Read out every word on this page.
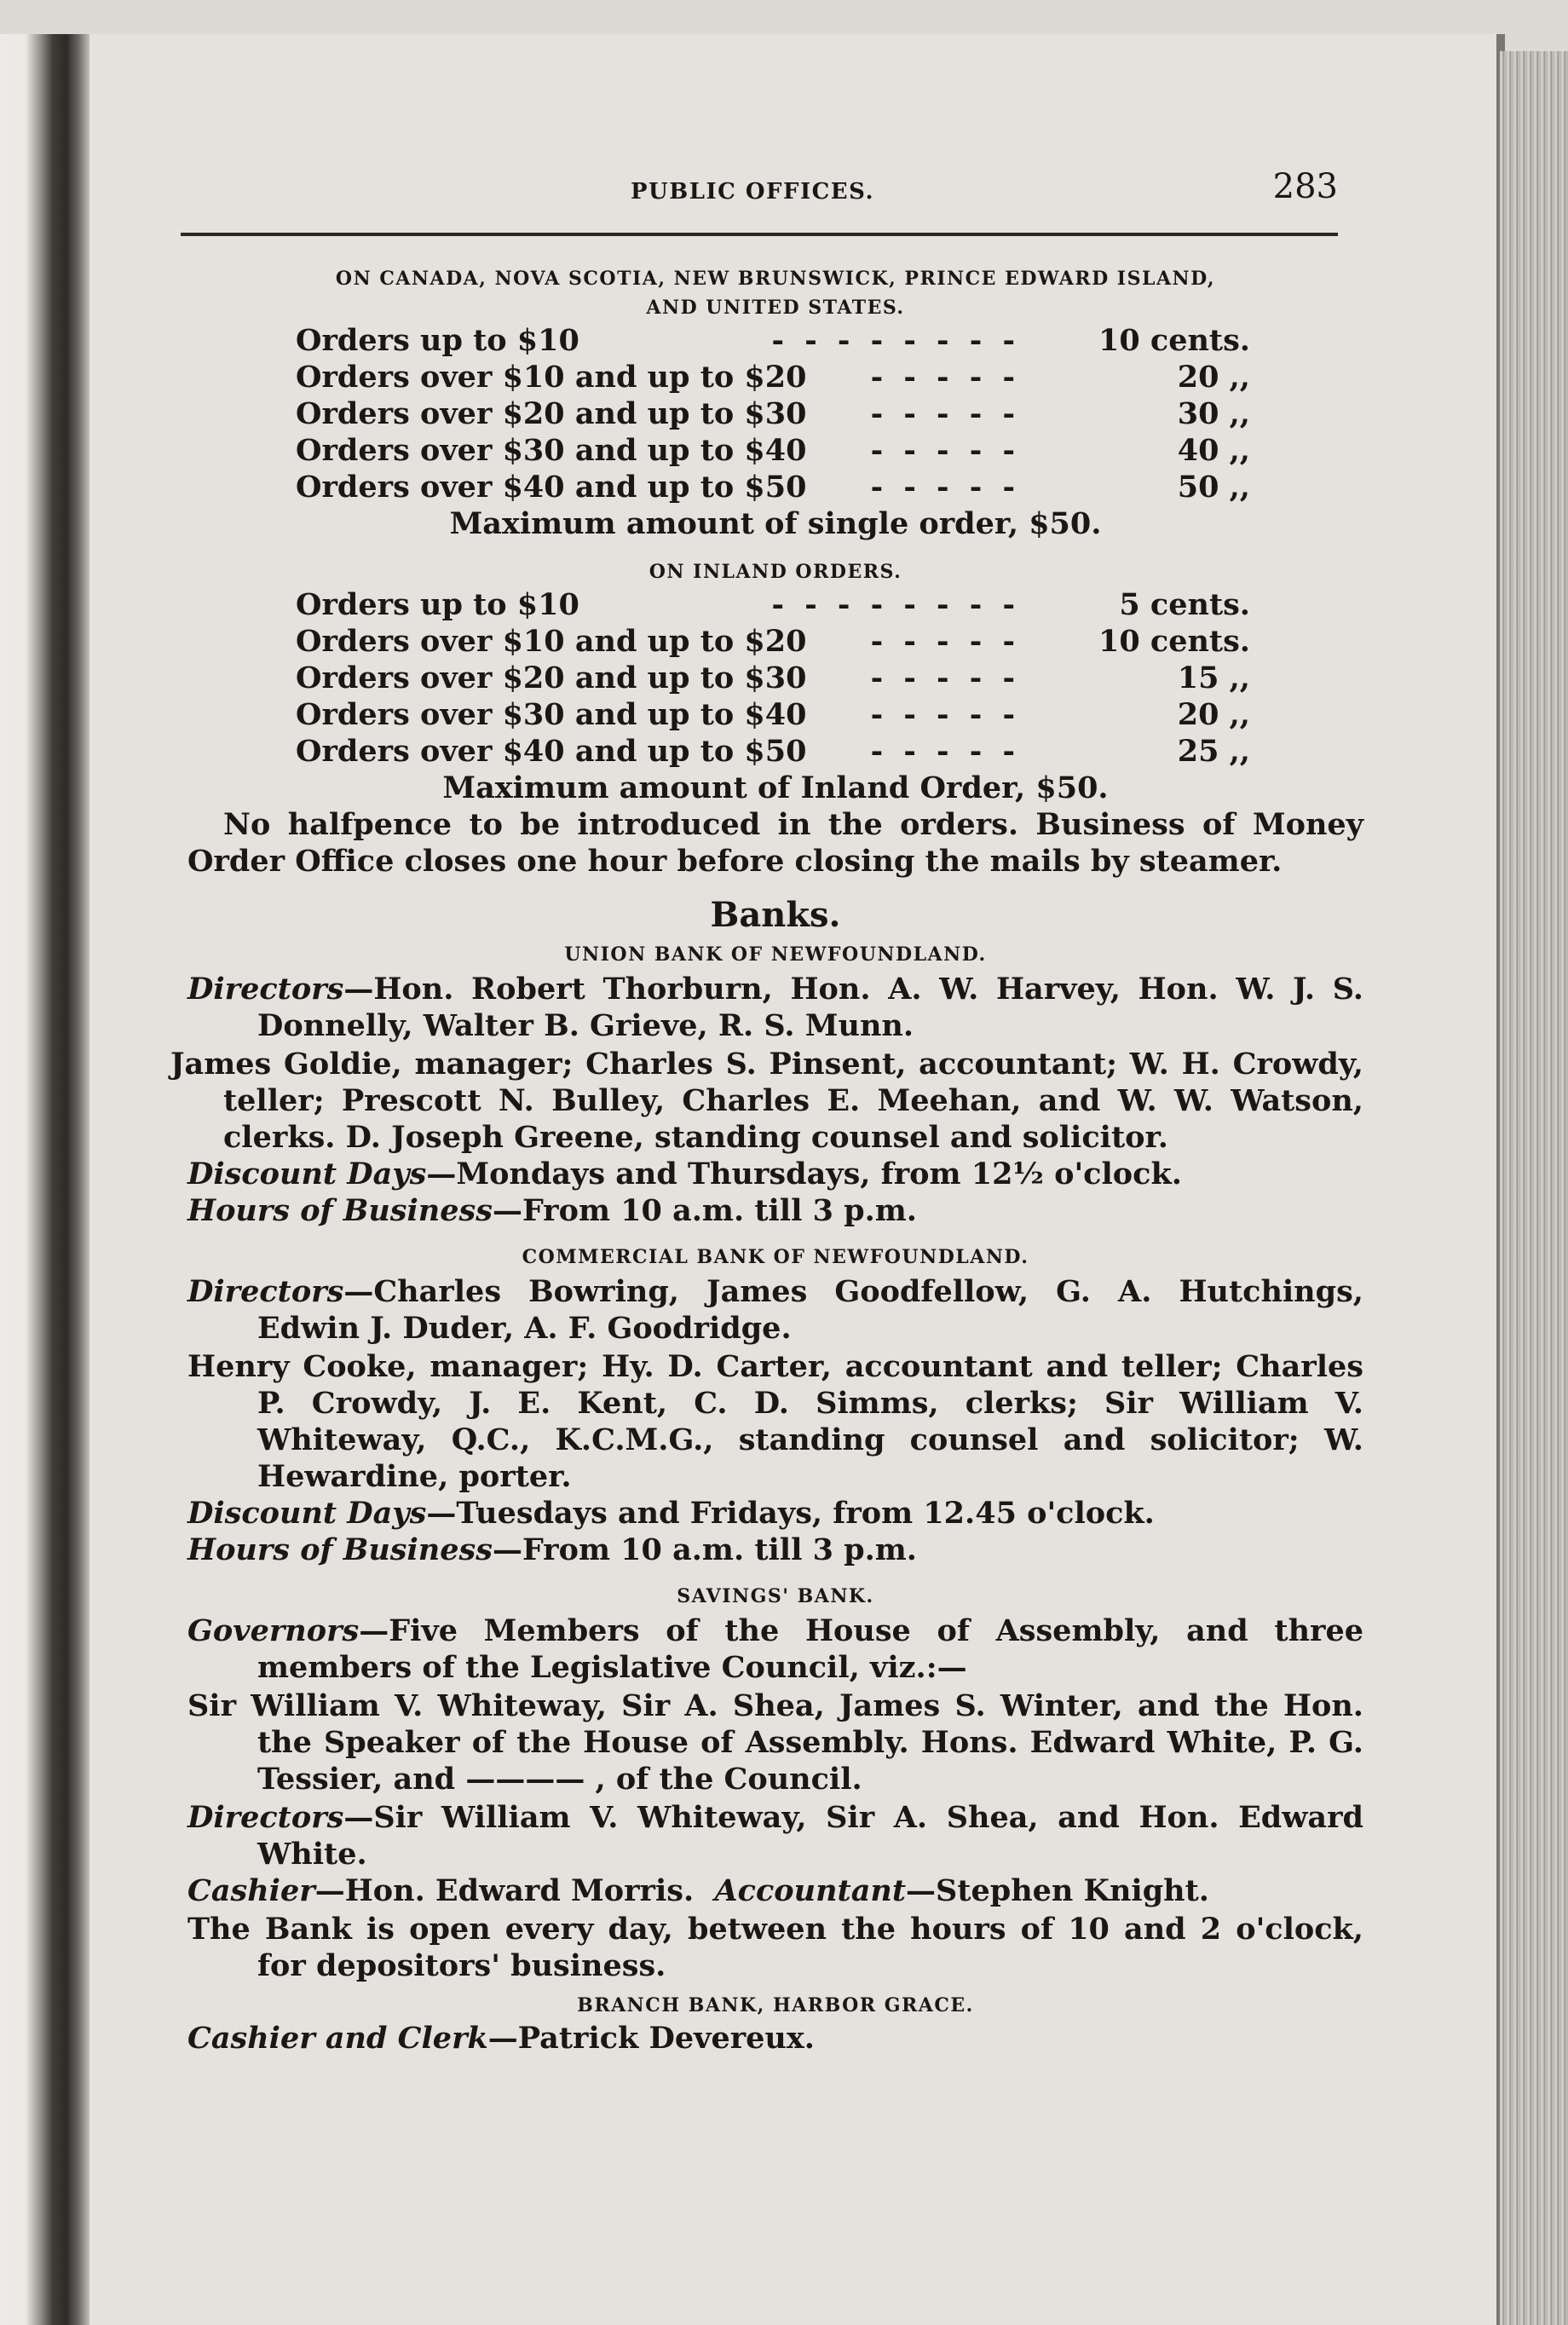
PUBLIC OFFICES.	283
ON CANADA, NOVA SCOTIA, NEW BRUNSWICK, PRINCE EDWARD ISLAND,
AND UNITED STATES.
Orders up to $10	- - - - - - - -	10 cents.
Orders over $10 and up to $20	- - - - -	20 ,,
Orders over $20 and up to $30	- - - - -	30 ,,
Orders over $30 and up to $40	- - - - -	40 ,,
Orders over $40 and up to $50	- - - - -	50 ,,
Maximum amount of single order, $50.
ON INLAND ORDERS.
Orders up to $10	- - - - - - - -	5 cents.
Orders over $10 and up to $20	- - - - -	10 cents.
Orders over $20 and up to $30	- - - - -	15 ,,
Orders over $30 and up to $40	- - - - -	20 ,,
Orders over $40 and up to $50	- - - - -	25 ,,
Maximum amount of Inland Order, $50.
No halfpence to be introduced in the orders. Business of Money Order Office closes one hour before closing the mails by steamer.
Banks.
UNION BANK OF NEWFOUNDLAND.
Directors—Hon. Robert Thorburn, Hon. A. W. Harvey, Hon. W. J. S. Donnelly, Walter B. Grieve, R. S. Munn.
James Goldie, manager; Charles S. Pinsent, accountant; W. H. Crowdy, teller; Prescott N. Bulley, Charles E. Meehan, and W. W. Watson, clerks. D. Joseph Greene, standing counsel and solicitor.
Discount Days—Mondays and Thursdays, from 12½ o'clock.
Hours of Business—From 10 a.m. till 3 p.m.
COMMERCIAL BANK OF NEWFOUNDLAND.
Directors—Charles Bowring, James Goodfellow, G. A. Hutchings, Edwin J. Duder, A. F. Goodridge.
Henry Cooke, manager; Hy. D. Carter, accountant and teller; Charles P. Crowdy, J. E. Kent, C. D. Simms, clerks; Sir William V. Whiteway, Q.C., K.C.M.G., standing counsel and solicitor; W. Hewardine, porter.
Discount Days—Tuesdays and Fridays, from 12.45 o'clock.
Hours of Business—From 10 a.m. till 3 p.m.
SAVINGS' BANK.
Governors—Five Members of the House of Assembly, and three members of the Legislative Council, viz.:—
Sir William V. Whiteway, Sir A. Shea, James S. Winter, and the Hon. the Speaker of the House of Assembly. Hons. Edward White, P. G. Tessier, and ———— , of the Council.
Directors—Sir William V. Whiteway, Sir A. Shea, and Hon. Edward White.
Cashier—Hon. Edward Morris. Accountant—Stephen Knight.
The Bank is open every day, between the hours of 10 and 2 o'clock, for depositors' business.
BRANCH BANK, HARBOR GRACE.
Cashier and Clerk—Patrick Devereux.
